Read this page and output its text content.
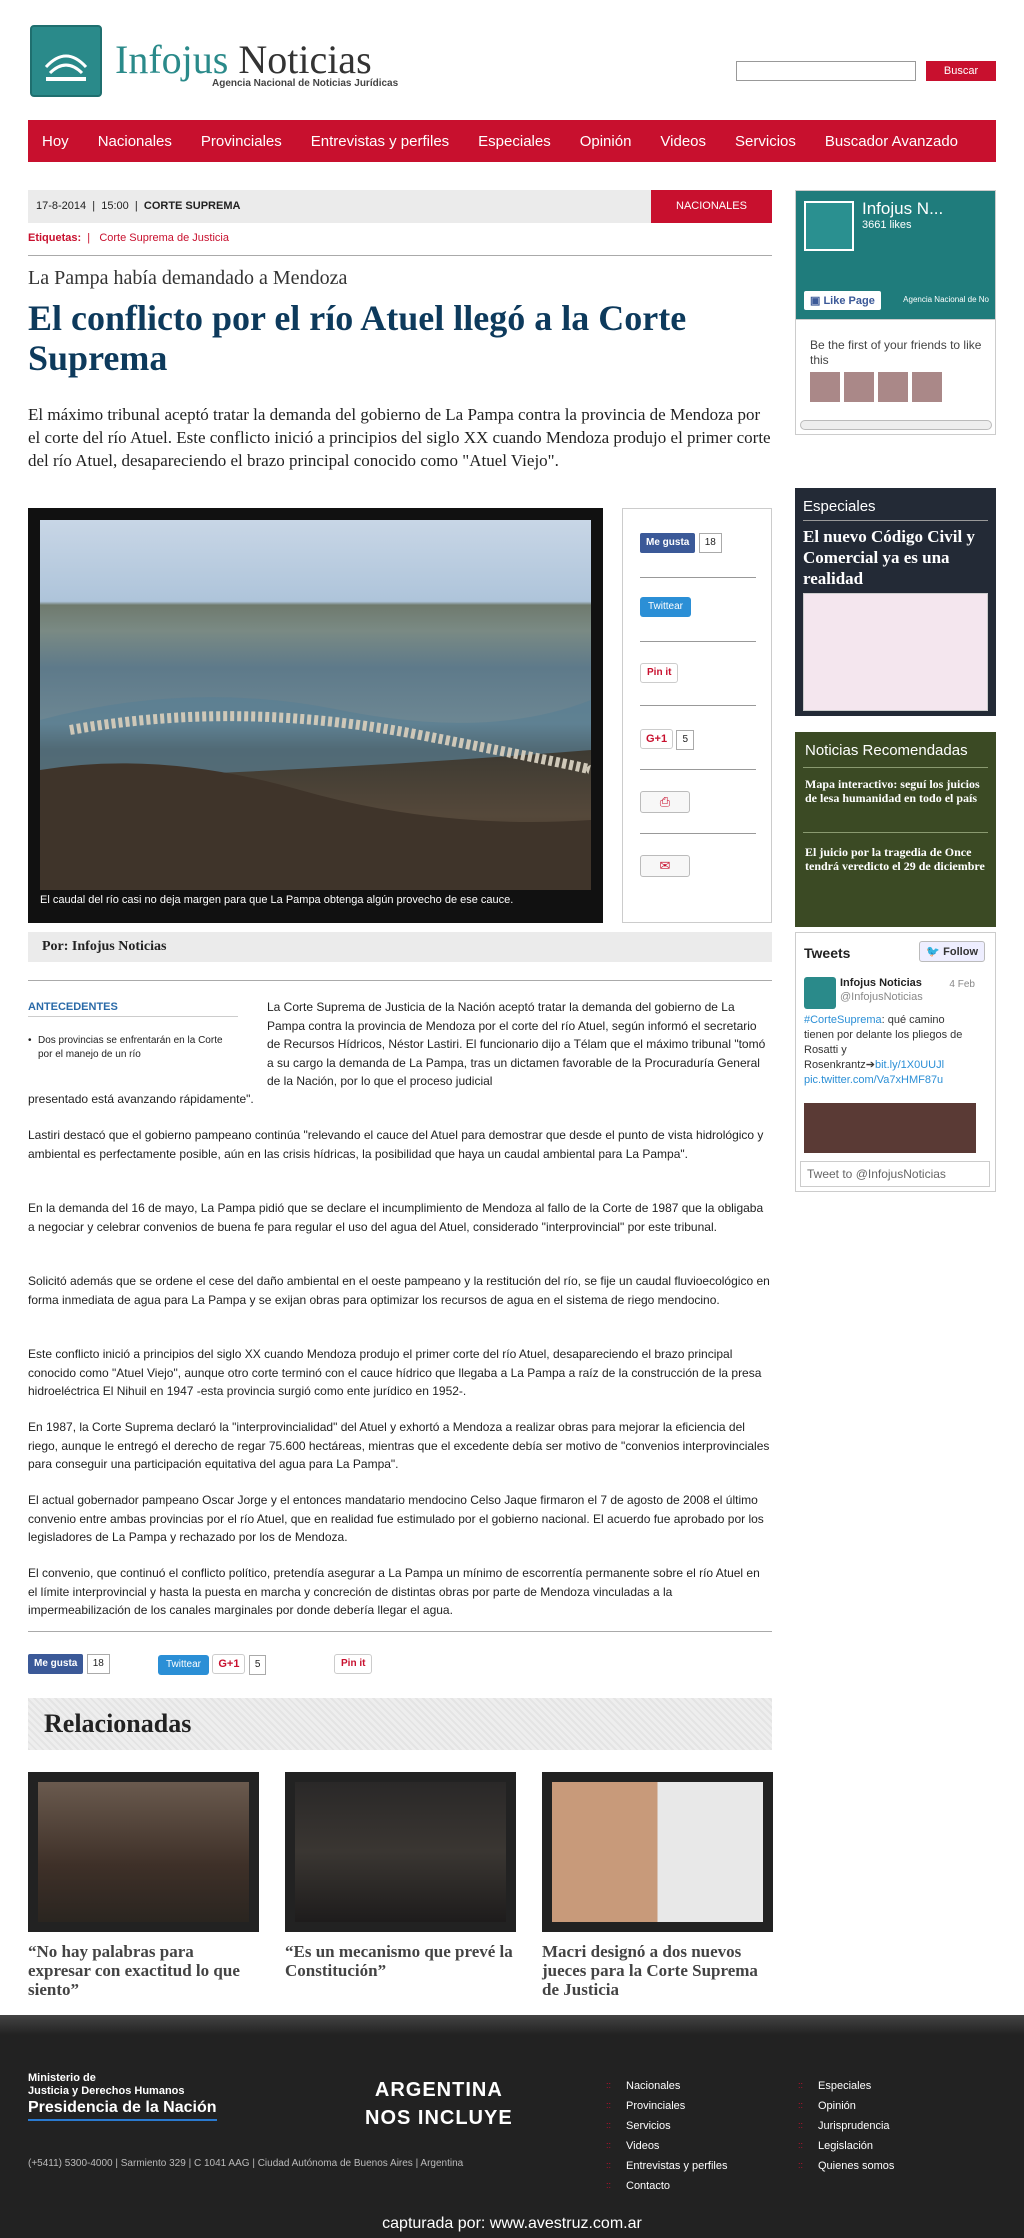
Infojus Noticias
Agencia Nacional de Noticias Jurídicas
Buscar
Hoy Nacionales Provinciales Entrevistas y perfiles Especiales Opinión Videos Servicios Buscador Avanzado
17-8-2014  |  15:00  |  CORTE SUPREMA	NACIONALES
Etiquetas:  |   Corte Suprema de Justicia
La Pampa había demandado a Mendoza
El conflicto por el río Atuel llegó a la Corte Suprema

El máximo tribunal aceptó tratar la demanda del gobierno de La Pampa contra la provincia de Mendoza por el corte del río Atuel. Este conflicto inició a principios del siglo XX cuando Mendoza produjo el primer corte del río Atuel, desapareciendo el brazo principal conocido como "Atuel Viejo".

El caudal del río casi no deja margen para que La Pampa obtenga algún provecho de ese cauce.
Me gusta 18
Twittear
Pin it
G+1 5
⎙
✉
Por: Infojus Noticias
ANTECEDENTES
• Dos provincias se enfrentarán en la Corte por el manejo de un río

La Corte Suprema de Justicia de la Nación aceptó tratar la demanda del gobierno de La Pampa contra la provincia de Mendoza por el corte del río Atuel, según informó el secretario de Recursos Hídricos, Néstor Lastiri. El funcionario dijo a Télam que el máximo tribunal "tomó a su cargo la demanda de La Pampa, tras un dictamen favorable de la Procuraduría General de la Nación, por lo que el proceso judicial

presentado está avanzando rápidamente".

Lastiri destacó que el gobierno pampeano continúa "relevando el cauce del Atuel para demostrar que desde el punto de vista hidrológico y ambiental es perfectamente posible, aún en las crisis hídricas, la posibilidad que haya un caudal ambiental para La Pampa".

En la demanda del 16 de mayo, La Pampa pidió que se declare el incumplimiento de Mendoza al fallo de la Corte de 1987 que la obligaba a negociar y celebrar convenios de buena fe para regular el uso del agua del Atuel, considerado "interprovincial" por este tribunal.

Solicitó además que se ordene el cese del daño ambiental en el oeste pampeano y la restitución del río, se fije un caudal fluvioecológico en forma inmediata de agua para La Pampa y se exijan obras para optimizar los recursos de agua en el sistema de riego mendocino.

Este conflicto inició a principios del siglo XX cuando Mendoza produjo el primer corte del río Atuel, desapareciendo el brazo principal conocido como "Atuel Viejo", aunque otro corte terminó con el cauce hídrico que llegaba a La Pampa a raíz de la construcción de la presa hidroeléctrica El Nihuil en 1947 -esta provincia surgió como ente jurídico en 1952-.

En 1987, la Corte Suprema declaró la "interprovincialidad" del Atuel y exhortó a Mendoza a realizar obras para mejorar la eficiencia del riego, aunque le entregó el derecho de regar 75.600 hectáreas, mientras que el excedente debía ser motivo de "convenios interprovinciales para conseguir una participación equitativa del agua para La Pampa".

El actual gobernador pampeano Oscar Jorge y el entonces mandatario mendocino Celso Jaque firmaron el 7 de agosto de 2008 el último convenio entre ambas provincias por el río Atuel, que en realidad fue estimulado por el gobierno nacional. El acuerdo fue aprobado por los legisladores de La Pampa y rechazado por los de Mendoza.

El convenio, que continuó el conflicto político, pretendía asegurar a La Pampa un mínimo de escorrentía permanente sobre el río Atuel en el límite interprovincial y hasta la puesta en marcha y concreción de distintas obras por parte de Mendoza vinculadas a la impermeabilización de los canales marginales por donde debería llegar el agua.

Me gusta 18	Twittear G+1 5	Pin it
Relacionadas
“No hay palabras para expresar con exactitud lo que siento”
“Es un mecanismo que prevé la Constitución”
Macri designó a dos nuevos jueces para la Corte Suprema de Justicia
Infojus N...
3661 likes
▣ Like Page	Agencia Nacional de No
Be the first of your friends to like this
Especiales
El nuevo Código Civil y Comercial ya es una realidad
Noticias Recomendadas
Mapa interactivo: seguí los juicios de lesa humanidad en todo el país
El juicio por la tragedia de Once tendrá veredicto el 29 de diciembre
Tweets	🐦 Follow
Infojus Noticias
@InfojusNoticias
4 Feb
#CorteSuprema: qué camino tienen por delante los pliegos de Rosatti y Rosenkrantz➔bit.ly/1X0UUJl
pic.twitter.com/Va7xHMF87u
Tweet to @InfojusNoticias
Ministerio de
Justicia y Derechos Humanos
Presidencia de la Nación
ARGENTINA
NOS INCLUYE
(+5411) 5300-4000 | Sarmiento 329 | C 1041 AAG | Ciudad Autónoma de Buenos Aires | Argentina
:: Nacionales
:: Provinciales
:: Servicios
:: Videos
:: Entrevistas y perfiles
:: Contacto
:: Especiales
:: Opinión
:: Jurisprudencia
:: Legislación
:: Quienes somos
capturada por: www.avestruz.com.ar
